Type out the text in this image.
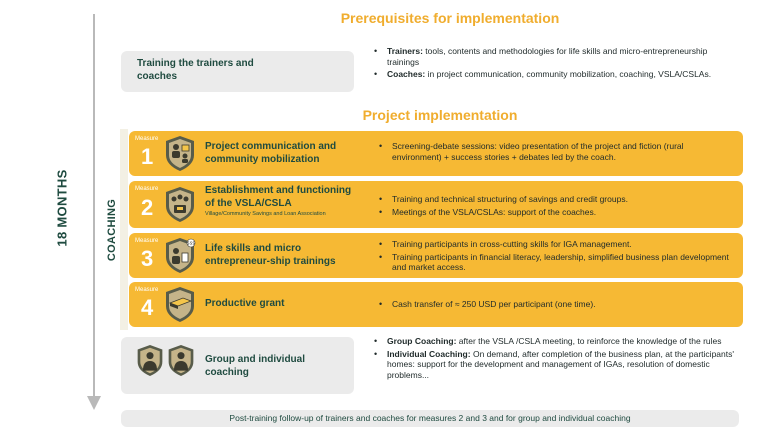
18 MONTHS
Prerequisites for implementation
Training the trainers and coaches
• Trainers: tools, contents and methodologies for life skills and micro-entrepreneurship trainings
• Coaches: in project communication, community mobilization, coaching, VSLA/CSLAs.
Project implementation
COACHING
Measure
1	Project communication and community mobilization
• Screening-debate sessions: video presentation of the project and fiction (rural environment) + success stories + debates led by the coach.
Measure
2
Establishment and functioning of the VSLA/CSLA
Village/Community Savings and Loan Association
• Training and technical structuring of savings and credit groups.
• Meetings of the VSLA/CSLAs: support of the coaches.
Measure
3
$$$ Life skills and micro entrepreneur-ship trainings
• Training participants in cross-cutting skills for IGA management.
• Training participants in financial literacy, leadership, simplified business plan development and market access.
Measure
4	Productive grant
•	Cash transfer of ≈ 250 USD per participant (one time).
Group and individual coaching
• Group Coaching: after the VSLA /CSLA meeting, to reinforce the knowledge of the rules
• Individual Coaching: On demand, after completion of the business plan, at the participants' homes: support for the development and management of IGAs, resolution of domestic problems...
Post-training follow-up of trainers and coaches for measures 2 and 3 and for group and individual coaching
